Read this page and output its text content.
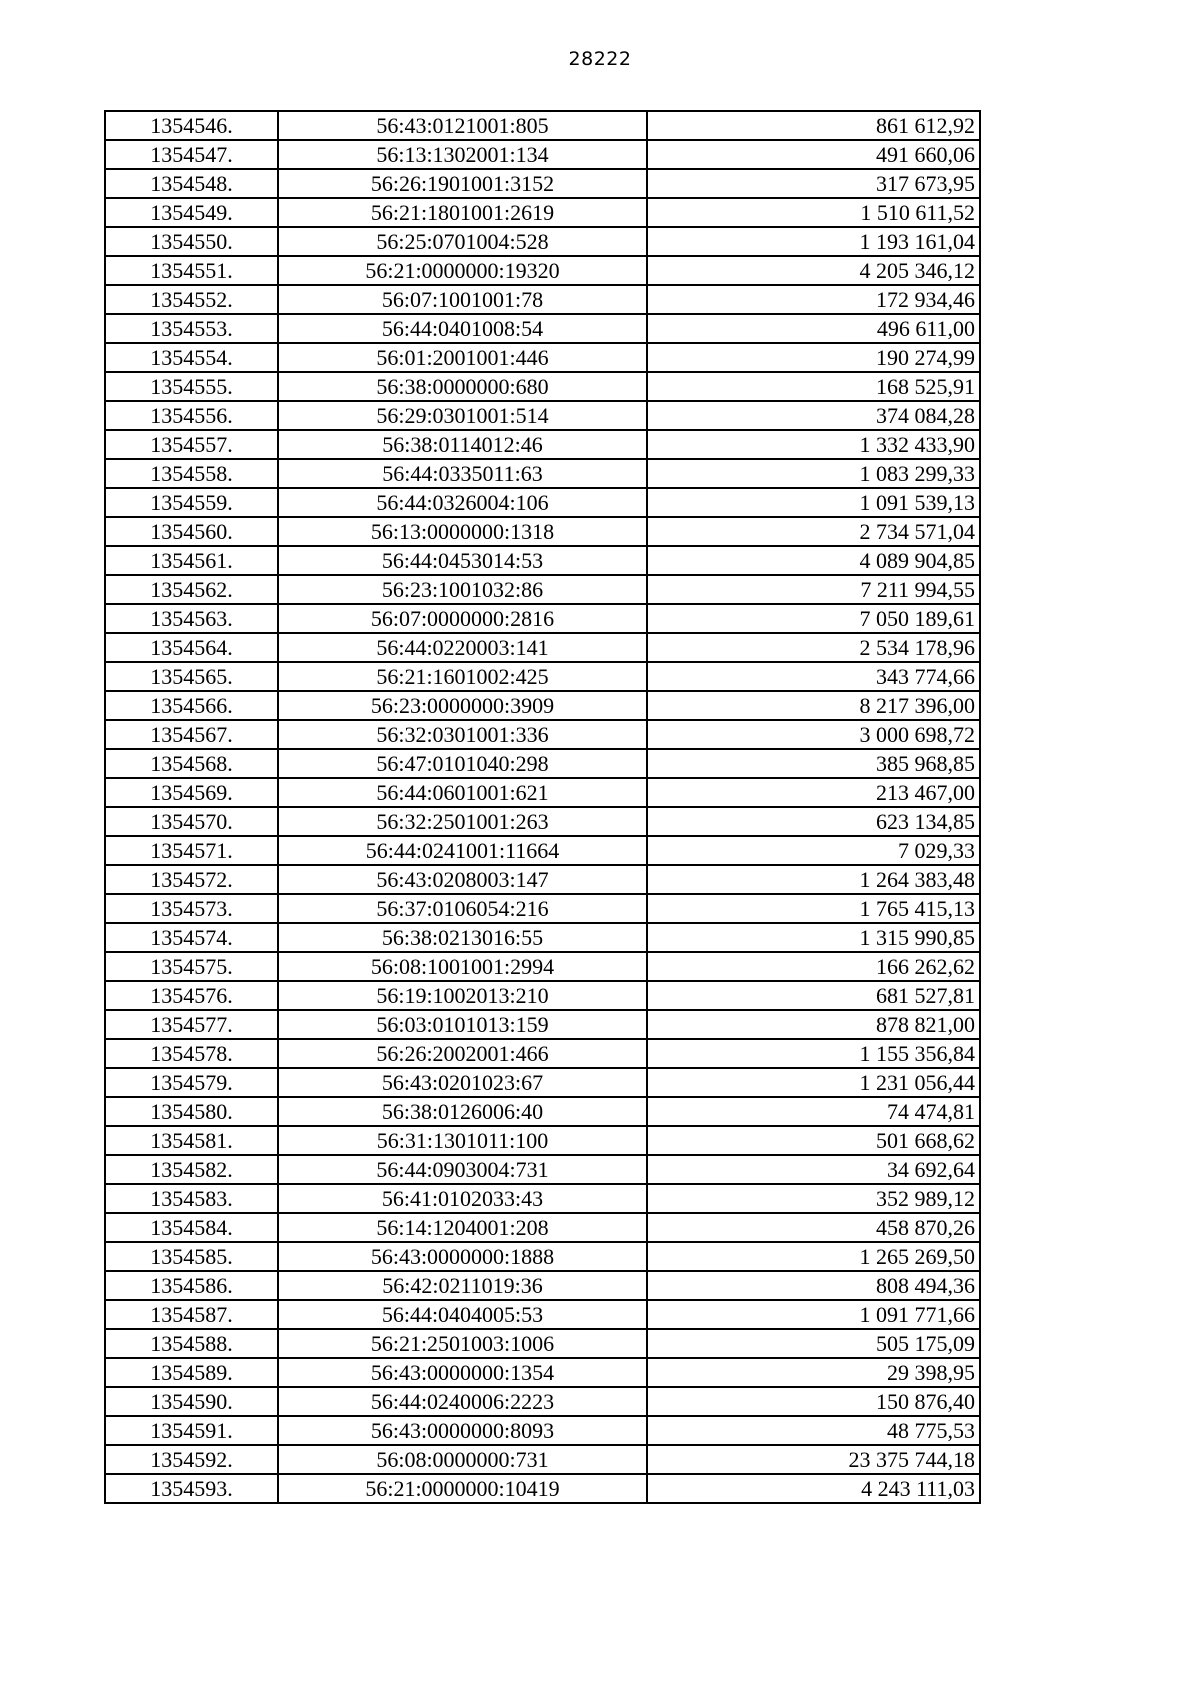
28222
1354546.	56:43:0121001:805	861 612,92
1354547.	56:13:1302001:134	491 660,06
1354548.	56:26:1901001:3152	317 673,95
1354549.	56:21:1801001:2619	1 510 611,52
1354550.	56:25:0701004:528	1 193 161,04
1354551.	56:21:0000000:19320	4 205 346,12
1354552.	56:07:1001001:78	172 934,46
1354553.	56:44:0401008:54	496 611,00
1354554.	56:01:2001001:446	190 274,99
1354555.	56:38:0000000:680	168 525,91
1354556.	56:29:0301001:514	374 084,28
1354557.	56:38:0114012:46	1 332 433,90
1354558.	56:44:0335011:63	1 083 299,33
1354559.	56:44:0326004:106	1 091 539,13
1354560.	56:13:0000000:1318	2 734 571,04
1354561.	56:44:0453014:53	4 089 904,85
1354562.	56:23:1001032:86	7 211 994,55
1354563.	56:07:0000000:2816	7 050 189,61
1354564.	56:44:0220003:141	2 534 178,96
1354565.	56:21:1601002:425	343 774,66
1354566.	56:23:0000000:3909	8 217 396,00
1354567.	56:32:0301001:336	3 000 698,72
1354568.	56:47:0101040:298	385 968,85
1354569.	56:44:0601001:621	213 467,00
1354570.	56:32:2501001:263	623 134,85
1354571.	56:44:0241001:11664	7 029,33
1354572.	56:43:0208003:147	1 264 383,48
1354573.	56:37:0106054:216	1 765 415,13
1354574.	56:38:0213016:55	1 315 990,85
1354575.	56:08:1001001:2994	166 262,62
1354576.	56:19:1002013:210	681 527,81
1354577.	56:03:0101013:159	878 821,00
1354578.	56:26:2002001:466	1 155 356,84
1354579.	56:43:0201023:67	1 231 056,44
1354580.	56:38:0126006:40	74 474,81
1354581.	56:31:1301011:100	501 668,62
1354582.	56:44:0903004:731	34 692,64
1354583.	56:41:0102033:43	352 989,12
1354584.	56:14:1204001:208	458 870,26
1354585.	56:43:0000000:1888	1 265 269,50
1354586.	56:42:0211019:36	808 494,36
1354587.	56:44:0404005:53	1 091 771,66
1354588.	56:21:2501003:1006	505 175,09
1354589.	56:43:0000000:1354	29 398,95
1354590.	56:44:0240006:2223	150 876,40
1354591.	56:43:0000000:8093	48 775,53
1354592.	56:08:0000000:731	23 375 744,18
1354593.	56:21:0000000:10419	4 243 111,03
